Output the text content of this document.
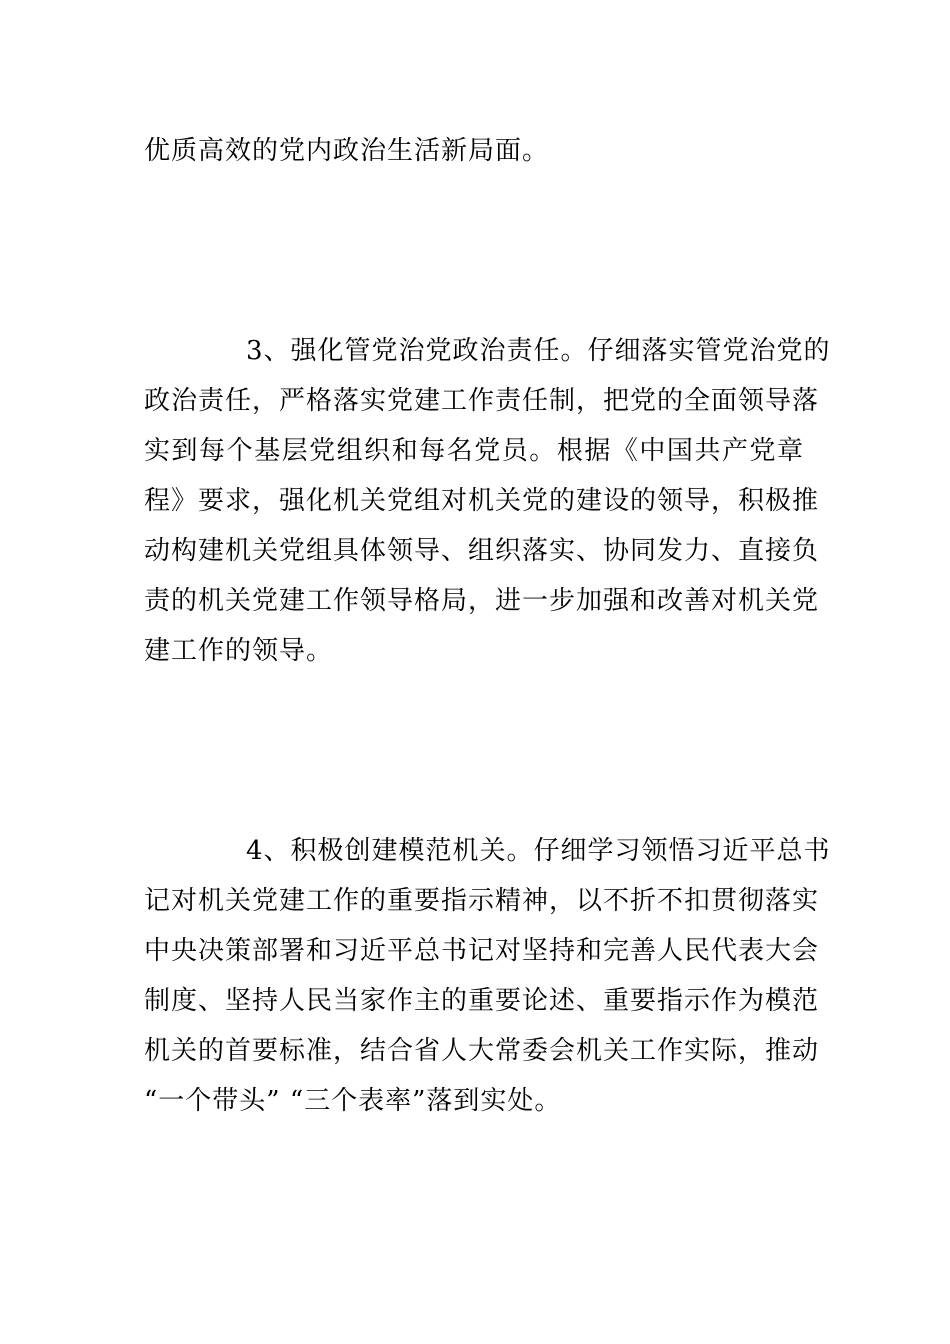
优质高效的党内政治生活新局面。
3、强化管党治党政治责任。仔细落实管党治党的
政治责任，严格落实党建工作责任制，把党的全面领导落
实到每个基层党组织和每名党员。根据《中国共产党章
程》要求，强化机关党组对机关党的建设的领导，积极推
动构建机关党组具体领导、组织落实、协同发力、直接负
责的机关党建工作领导格局，进一步加强和改善对机关党
建工作的领导。
4、积极创建模范机关。仔细学习领悟习近平总书
记对机关党建工作的重要指示精神，以不折不扣贯彻落实
中央决策部署和习近平总书记对坚持和完善人民代表大会
制度、坚持人民当家作主的重要论述、重要指示作为模范
机关的首要标准，结合省人大常委会机关工作实际，推动
“一个带头” “三个表率”落到实处。
